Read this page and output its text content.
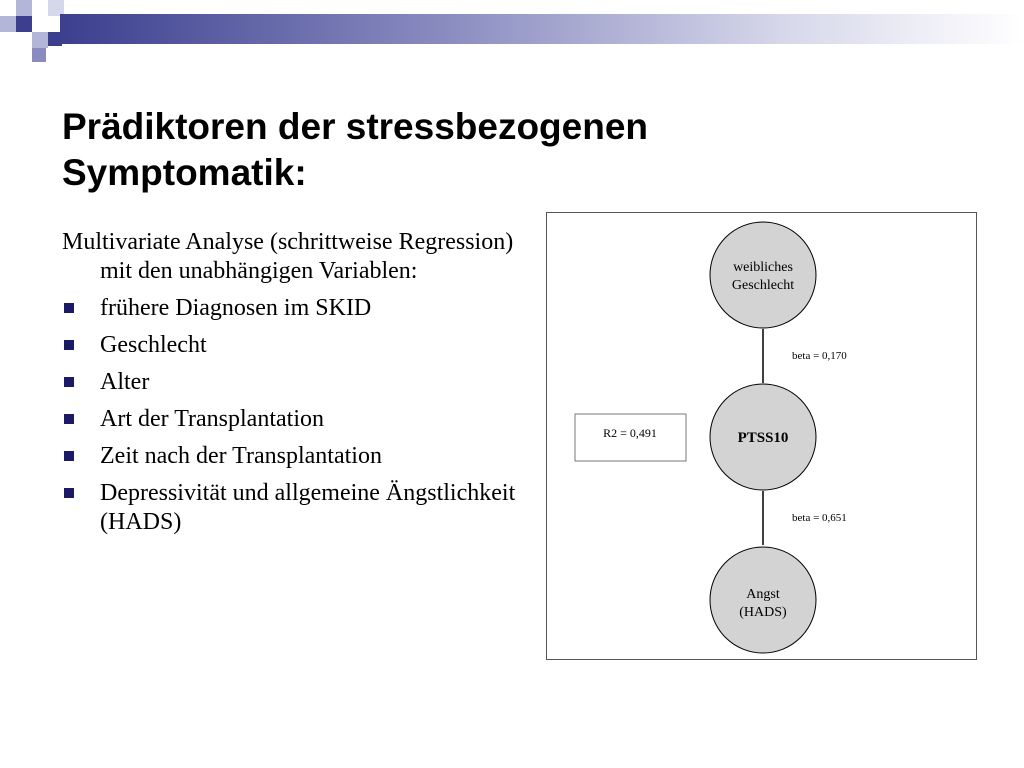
Prädiktoren der stressbezogenen Symptomatik:
Multivariate Analyse (schrittweise Regression) mit den unabhängigen Variablen:
frühere Diagnosen im SKID
Geschlecht
Alter
Art der Transplantation
Zeit nach der Transplantation
Depressivität und allgemeine Ängstlichkeit (HADS)
weibliches
Geschlecht
PTSS10
Angst
(HADS)
beta = 0,170
beta = 0,651
R2 = 0,491
